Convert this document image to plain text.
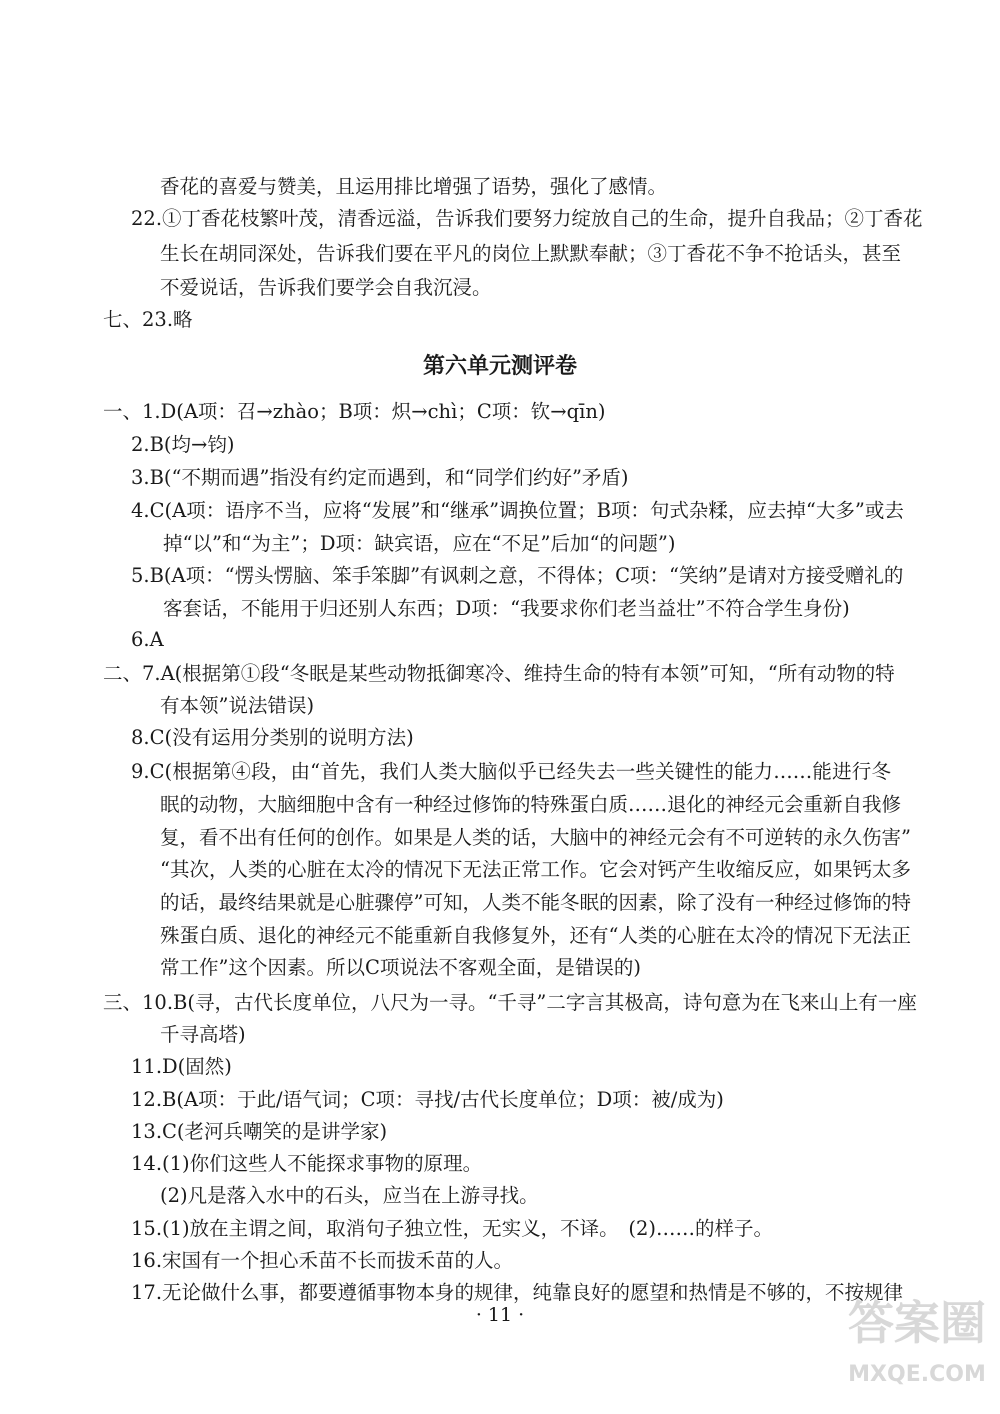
香花的喜爱与赞美，且运用排比增强了语势，强化了感情。
22.①丁香花枝繁叶茂，清香远溢，告诉我们要努力绽放自己的生命，提升自我品；②丁香花
生长在胡同深处，告诉我们要在平凡的岗位上默默奉献；③丁香花不争不抢话头，甚至
不爱说话，告诉我们要学会自我沉浸。
七、23.略
第六单元测评卷
一、1.D(A项：召→zhào；B项：炽→chì；C项：钦→qīn)
2.B(均→钧)
3.B(“不期而遇”指没有约定而遇到，和“同学们约好”矛盾)
4.C(A项：语序不当，应将“发展”和“继承”调换位置；B项：句式杂糅，应去掉“大多”或去
掉“以”和“为主”；D项：缺宾语，应在“不足”后加“的问题”)
5.B(A项：“愣头愣脑、笨手笨脚”有讽刺之意，不得体；C项：“笑纳”是请对方接受赠礼的
客套话，不能用于归还别人东西；D项：“我要求你们老当益壮”不符合学生身份)
6.A
二、7.A(根据第①段“冬眠是某些动物抵御寒冷、维持生命的特有本领”可知，“所有动物的特
有本领”说法错误)
8.C(没有运用分类别的说明方法)
9.C(根据第④段，由“首先，我们人类大脑似乎已经失去一些关键性的能力……能进行冬
眠的动物，大脑细胞中含有一种经过修饰的特殊蛋白质……退化的神经元会重新自我修
复，看不出有任何的创作。如果是人类的话，大脑中的神经元会有不可逆转的永久伤害”
“其次，人类的心脏在太冷的情况下无法正常工作。它会对钙产生收缩反应，如果钙太多
的话，最终结果就是心脏骤停”可知，人类不能冬眠的因素，除了没有一种经过修饰的特
殊蛋白质、退化的神经元不能重新自我修复外，还有“人类的心脏在太冷的情况下无法正
常工作”这个因素。所以C项说法不客观全面，是错误的)
三、10.B(寻，古代长度单位，八尺为一寻。“千寻”二字言其极高，诗句意为在飞来山上有一座
千寻高塔)
11.D(固然)
12.B(A项：于此/语气词；C项：寻找/古代长度单位；D项：被/成为)
13.C(老河兵嘲笑的是讲学家)
14.(1)你们这些人不能探求事物的原理。
(2)凡是落入水中的石头，应当在上游寻找。
15.(1)放在主谓之间，取消句子独立性，无实义，不译。　(2)……的样子。
16.宋国有一个担心禾苗不长而拔禾苗的人。
17.无论做什么事，都要遵循事物本身的规律，纯靠良好的愿望和热情是不够的，不按规律
· 11 ·	答案圈
MXQE.COM
